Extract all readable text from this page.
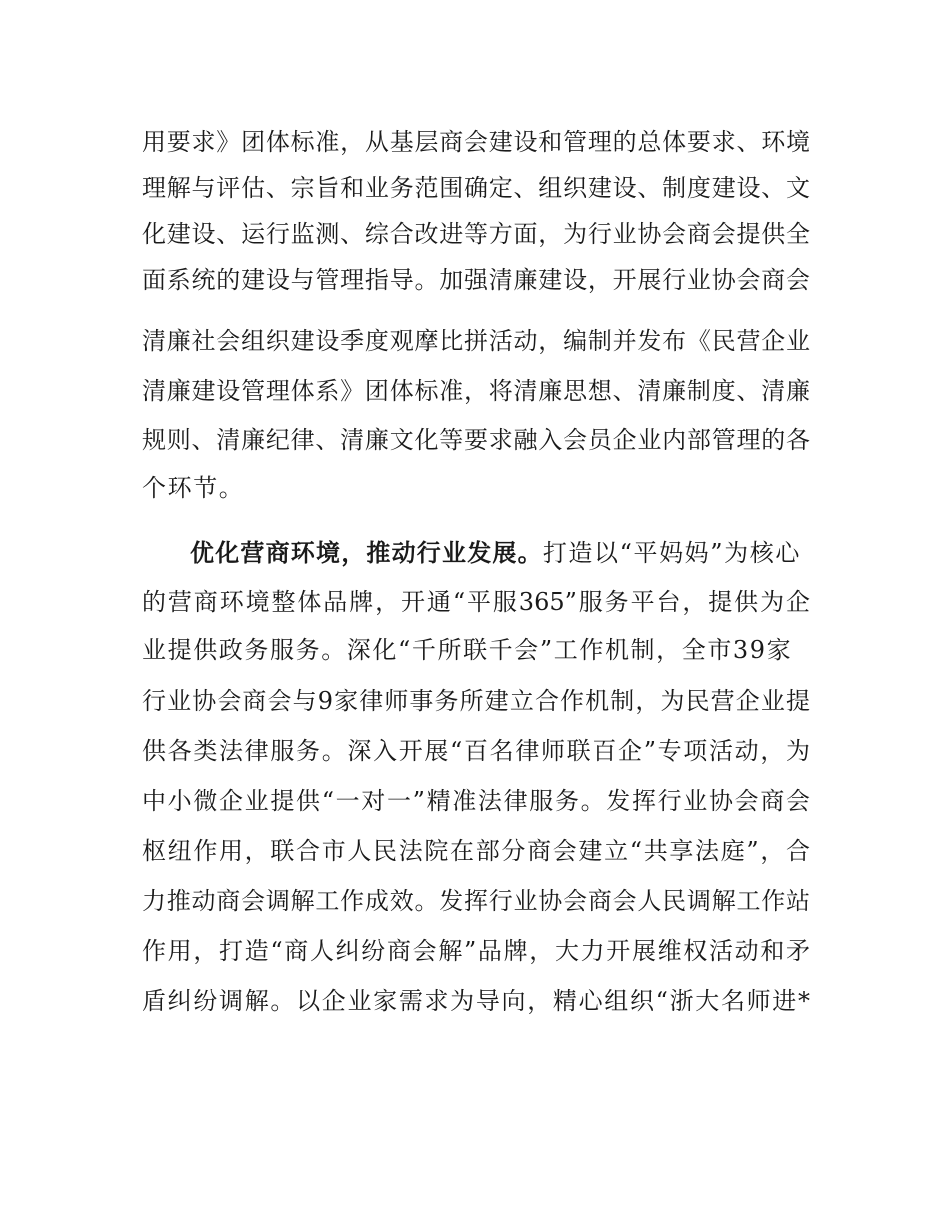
用要求》团体标准，从基层商会建设和管理的总体要求、环境
理解与评估、宗旨和业务范围确定、组织建设、制度建设、文
化建设、运行监测、综合改进等方面，为行业协会商会提供全
面系统的建设与管理指导。加强清廉建设，开展行业协会商会
清廉社会组织建设季度观摩比拼活动，编制并发布《民营企业
清廉建设管理体系》团体标准，将清廉思想、清廉制度、清廉
规则、清廉纪律、清廉文化等要求融入会员企业内部管理的各
个环节。
优化营商环境，推动行业发展。打造以“平妈妈”为核心
的营商环境整体品牌，开通“平服365”服务平台，提供为企
业提供政务服务。深化“千所联千会”工作机制，全市39家
行业协会商会与9家律师事务所建立合作机制，为民营企业提
供各类法律服务。深入开展“百名律师联百企”专项活动，为
中小微企业提供“一对一”精准法律服务。发挥行业协会商会
枢纽作用，联合市人民法院在部分商会建立“共享法庭”，合
力推动商会调解工作成效。发挥行业协会商会人民调解工作站
作用，打造“商人纠纷商会解”品牌，大力开展维权活动和矛
盾纠纷调解。以企业家需求为导向，精心组织“浙大名师进*
